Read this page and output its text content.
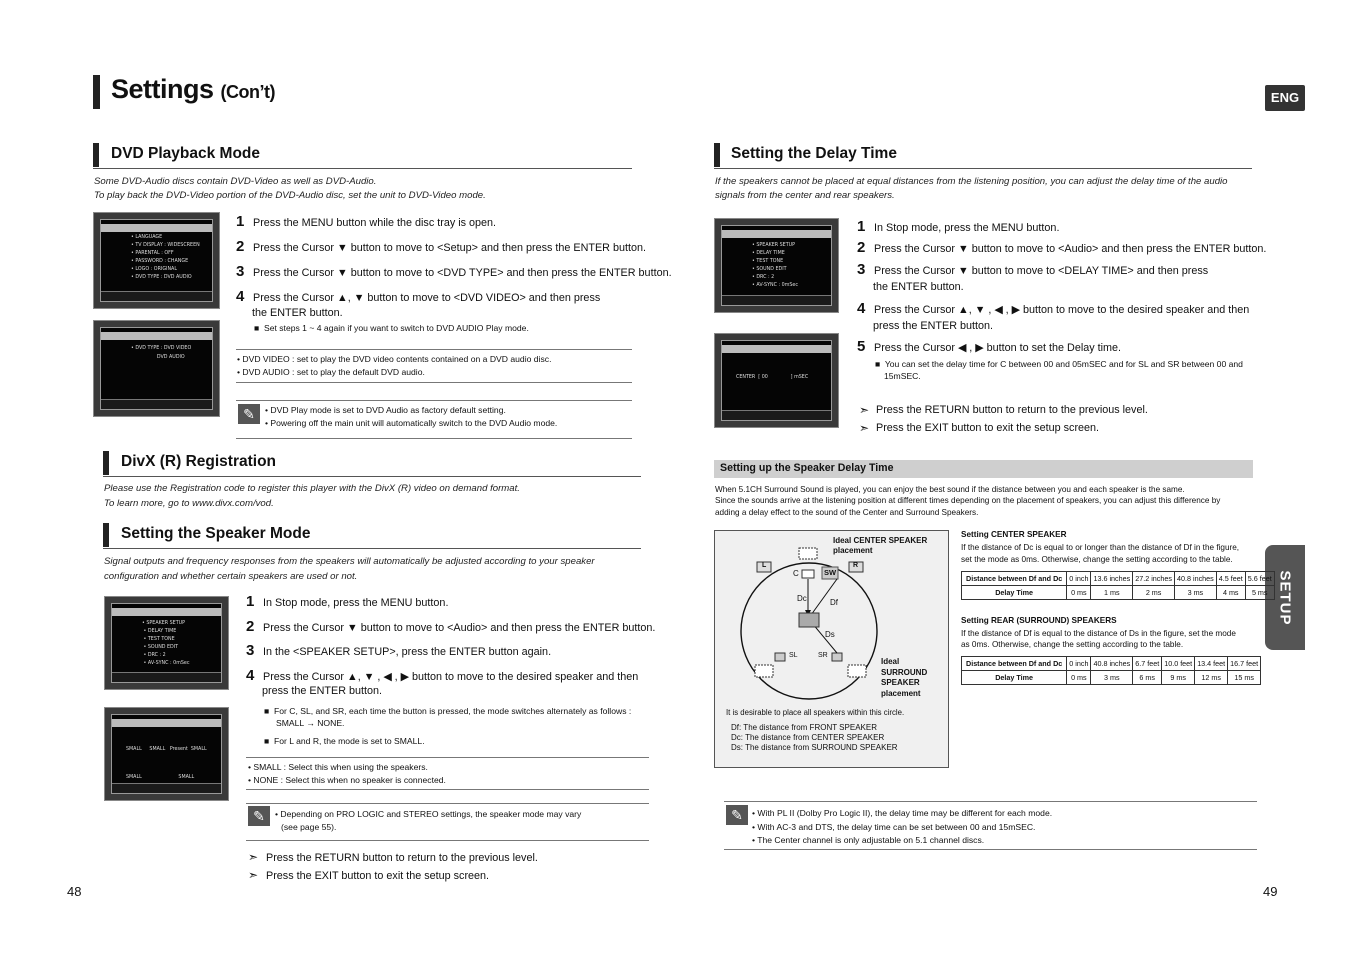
Settings (Con’t)
DVD Playback Mode
Some DVD-Audio discs contain DVD-Video as well as DVD-Audio.
To play back the DVD-Video portion of the DVD-Audio disc, set the unit to DVD-Video mode.
• LANGUAGE
• TV DISPLAY : WIDESCREEN
• PARENTAL : OFF
• PASSWORD : CHANGE
• LOGO : ORIGINAL
• DVD TYPE : DVD AUDIO
• DVD TYPE : DVD VIDEO
DVD AUDIO
1 Press the MENU button while the disc tray is open.
2 Press the Cursor ▼ button to move to <Setup> and then press the ENTER button.
3 Press the Cursor ▼ button to move to <DVD TYPE> and then press the ENTER button.
4 Press the Cursor ▲, ▼ button to move to <DVD VIDEO> and then press
the ENTER button.
■  Set steps 1 ~ 4 again if you want to switch to DVD AUDIO Play mode.
• DVD VIDEO : set to play the DVD video contents contained on a DVD audio disc.
• DVD AUDIO : set to play the default DVD audio.
✎	• DVD Play mode is set to DVD Audio as factory default setting.
• Powering off the main unit will automatically switch to the DVD Audio mode.
DivX (R) Registration
Please use the Registration code to register this player with the DivX (R) video on demand format.
To learn more, go to www.divx.com/vod.
Setting the Speaker Mode
Signal outputs and frequency responses from the speakers will automatically be adjusted according to your speaker
configuration and whether certain speakers are used or not.
• SPEAKER SETUP
• DELAY TIME
• TEST TONE
• SOUND EDIT
• DRC : 2
• AV-SYNC : 0mSec
SMALL     SMALL   Present  SMALL
SMALL                        SMALL
1 In Stop mode, press the MENU button.
2 Press the Cursor ▼ button to move to <Audio> and then press the ENTER button.
3 In the <SPEAKER SETUP>, press the ENTER button again.
4 Press the Cursor ▲, ▼ , ◀ , ▶ button to move to the desired speaker and then
press the ENTER button.
■  For C, SL, and SR, each time the button is pressed, the mode switches alternately as follows :
SMALL → NONE.
■  For L and R, the mode is set to SMALL.
• SMALL : Select this when using the speakers.
• NONE : Select this when no speaker is connected.
✎	• Depending on PRO LOGIC and STEREO settings, the speaker mode may vary
(see page 55).
➣ Press the RETURN button to return to the previous level.
➣ Press the EXIT button to exit the setup screen.
48
ENG
SETUP
Setting the Delay Time
If the speakers cannot be placed at equal distances from the listening position, you can adjust the delay time of the audio
signals from the center and rear speakers.
• SPEAKER SETUP
• DELAY TIME
• TEST TONE
• SOUND EDIT
• DRC : 2
• AV-SYNC : 0mSec
CENTER  [ 00               ] mSEC
1 In Stop mode, press the MENU button.
2 Press the Cursor ▼ button to move to <Audio> and then press the ENTER button.
3 Press the Cursor ▼ button to move to <DELAY TIME> and then press
the ENTER button.
4 Press the Cursor ▲, ▼ , ◀ , ▶ button to move to the desired speaker and then
press the ENTER button.
5 Press the Cursor ◀ , ▶ button to set the Delay time.
■  You can set the delay time for C between 00 and 05mSEC and for SL and SR between 00 and
15mSEC.
➣ Press the RETURN button to return to the previous level.
➣ Press the EXIT button to exit the setup screen.
Setting up the Speaker Delay Time
When 5.1CH Surround Sound is played, you can enjoy the best sound if the distance between you and each speaker is the same.
Since the sounds arrive at the listening position at different times depending on the placement of speakers, you can adjust this difference by
adding a delay effect to the sound of the Center and Surround Speakers.
Ideal CENTER SPEAKER
placement
L
C	SW
R
Dc	Df
Ds
SL	SR
Ideal
SURROUND
SPEAKER
placement
It is desirable to place all speakers within this circle.
Df: The distance from FRONT SPEAKER
Dc: The distance from CENTER SPEAKER
Ds: The distance from SURROUND SPEAKER
Setting CENTER SPEAKER
If the distance of Dc is equal to or longer than the distance of Df in the figure,
set the mode as 0ms. Otherwise, change the setting according to the table.
Distance between Df and Dc	0 inch	13.6 inches	27.2 inches	40.8 inches	4.5 feet	5.6 feet
Delay Time	0 ms	1 ms	2 ms	3 ms	4 ms	5 ms
Setting REAR (SURROUND) SPEAKERS
If the distance of Df is equal to the distance of Ds in the figure, set the mode
as 0ms. Otherwise, change the setting according to the table.
Distance between Df and Dc	0 inch	40.8 inches	6.7 feet	10.0 feet	13.4 feet	16.7 feet
Delay Time	0 ms	3 ms	6 ms	9 ms	12 ms	15 ms
✎	• With PL II (Dolby Pro Logic II), the delay time may be different for each mode.
• With AC-3 and DTS, the delay time can be set between 00 and 15mSEC.
• The Center channel is only adjustable on 5.1 channel discs.
49
